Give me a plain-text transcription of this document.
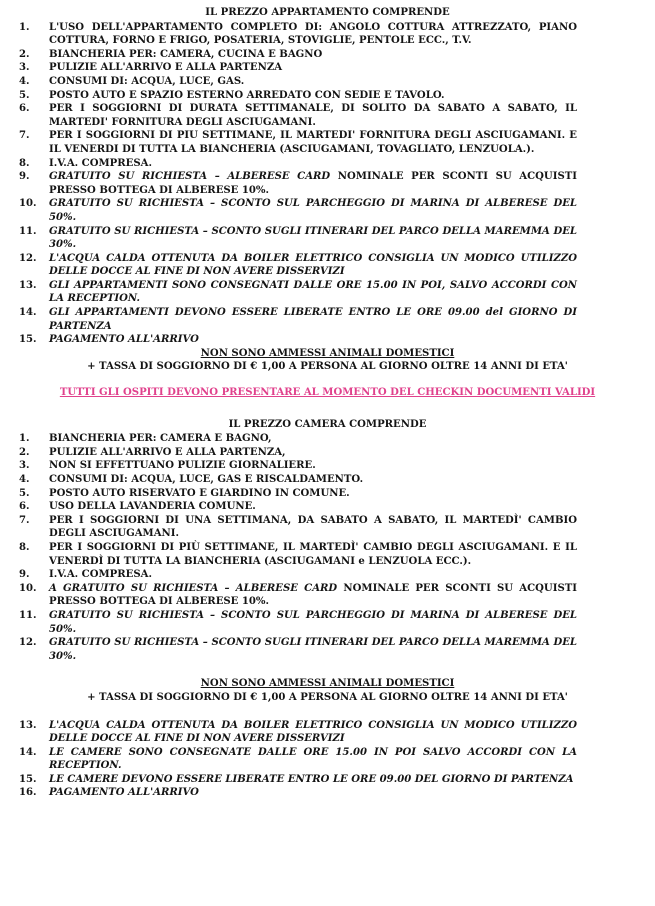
IL PREZZO APPARTAMENTO COMPRENDE
1.	L'USO DELL'APPARTAMENTO COMPLETO DI: ANGOLO COTTURA ATTREZZATO, PIANO COTTURA, FORNO E FRIGO, POSATERIA, STOVIGLIE, PENTOLE ECC., T.V.
2.	BIANCHERIA PER: CAMERA, CUCINA E BAGNO
3.	PULIZIE ALL'ARRIVO E ALLA PARTENZA
4.	CONSUMI DI: ACQUA, LUCE, GAS.
5.	POSTO AUTO E SPAZIO ESTERNO ARREDATO CON SEDIE E TAVOLO.
6.	PER I SOGGIORNI DI DURATA SETTIMANALE, DI SOLITO DA SABATO A SABATO, IL MARTEDI' FORNITURA DEGLI ASCIUGAMANI.
7.	PER I SOGGIORNI DI PIU SETTIMANE, IL MARTEDI' FORNITURA DEGLI ASCIUGAMANI. E IL VENERDI DI TUTTA LA BIANCHERIA (ASCIUGAMANI, TOVAGLIATO, LENZUOLA.).
8.	I.V.A. COMPRESA.
9.	GRATUITO SU RICHIESTA – ALBERESE CARD NOMINALE PER SCONTI SU ACQUISTI PRESSO BOTTEGA DI ALBERESE 10%.
10.	GRATUITO SU RICHIESTA – SCONTO SUL PARCHEGGIO DI MARINA DI ALBERESE DEL 50%.
11.	GRATUITO SU RICHIESTA – SCONTO SUGLI ITINERARI DEL PARCO DELLA MAREMMA DEL 30%.
12.	L'ACQUA CALDA OTTENUTA DA BOILER ELETTRICO CONSIGLIA UN MODICO UTILIZZO DELLE DOCCE AL FINE DI NON AVERE DISSERVIZI
13.	GLI APPARTAMENTI SONO CONSEGNATI DALLE ORE 15.00 IN POI, SALVO ACCORDI CON LA RECEPTION.
14.	GLI APPARTAMENTI DEVONO ESSERE LIBERATE ENTRO LE ORE 09.00 del GIORNO DI PARTENZA
15.	PAGAMENTO ALL'ARRIVO
NON SONO AMMESSI ANIMALI DOMESTICI
+ TASSA DI SOGGIORNO DI € 1,00 A PERSONA AL GIORNO OLTRE 14 ANNI DI ETA'
TUTTI GLI OSPITI DEVONO PRESENTARE AL MOMENTO DEL CHECKIN DOCUMENTI VALIDI
IL PREZZO CAMERA COMPRENDE
1.	BIANCHERIA PER: CAMERA E BAGNO,
2.	PULIZIE ALL'ARRIVO E ALLA PARTENZA,
3.	NON SI EFFETTUANO PULIZIE GIORNALIERE.
4.	CONSUMI DI: ACQUA, LUCE, GAS E RISCALDAMENTO.
5.	POSTO AUTO RISERVATO E GIARDINO IN COMUNE.
6.	USO DELLA LAVANDERIA COMUNE.
7.	PER I SOGGIORNI DI UNA SETTIMANA, DA SABATO A SABATO, IL MARTEDÌ' CAMBIO DEGLI ASCIUGAMANI.
8.	PER I SOGGIORNI DI PIÙ SETTIMANE, IL MARTEDÌ' CAMBIO DEGLI ASCIUGAMANI. E IL VENERDÌ DI TUTTA LA BIANCHERIA (ASCIUGAMANI e LENZUOLA ECC.).
9.	I.V.A. COMPRESA.
10.	A GRATUITO SU RICHIESTA – ALBERESE CARD NOMINALE PER SCONTI SU ACQUISTI PRESSO BOTTEGA DI ALBERESE 10%.
11.	GRATUITO SU RICHIESTA – SCONTO SUL PARCHEGGIO DI MARINA DI ALBERESE DEL 50%.
12.	GRATUITO SU RICHIESTA – SCONTO SUGLI ITINERARI DEL PARCO DELLA MAREMMA DEL 30%.
NON SONO AMMESSI ANIMALI DOMESTICI
+ TASSA DI SOGGIORNO DI € 1,00 A PERSONA AL GIORNO OLTRE 14 ANNI DI ETA'
13.	L'ACQUA CALDA OTTENUTA DA BOILER ELETTRICO CONSIGLIA UN MODICO UTILIZZO DELLE DOCCE AL FINE DI NON AVERE DISSERVIZI
14.	LE CAMERE SONO CONSEGNATE DALLE ORE 15.00 IN POI SALVO ACCORDI CON LA RECEPTION.
15.	LE CAMERE DEVONO ESSERE LIBERATE ENTRO LE ORE 09.00 DEL GIORNO DI PARTENZA
16.	PAGAMENTO ALL'ARRIVO
